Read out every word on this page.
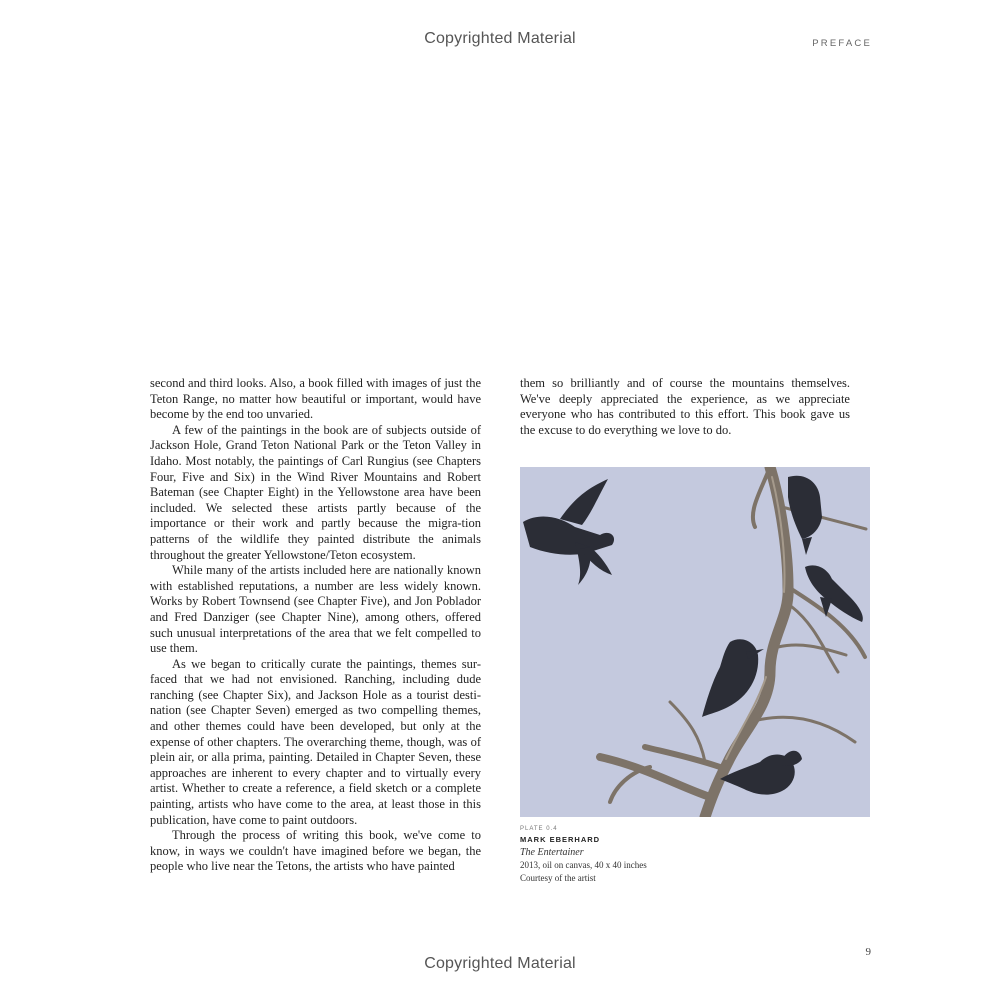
Copyrighted Material	PREFACE

second and third looks. Also, a book filled with images of just the Teton Range, no matter how beautiful or important, would have become by the end too unvaried.

A few of the paintings in the book are of subjects outside of Jackson Hole, Grand Teton National Park or the Teton Valley in Idaho. Most notably, the paintings of Carl Rungius (see Chapters Four, Five and Six) in the Wind River Mountains and Robert Bateman (see Chapter Eight) in the Yellowstone area have been included. We selected these artists partly because of the importance or their work and partly because the migra-tion patterns of the wildlife they painted distribute the animals throughout the greater Yellowstone/Teton ecosystem.

While many of the artists included here are nationally known with established reputations, a number are less widely known. Works by Robert Townsend (see Chapter Five), and Jon Poblador and Fred Danziger (see Chapter Nine), among others, offered such unusual interpretations of the area that we felt compelled to use them.

As we began to critically curate the paintings, themes sur-faced that we had not envisioned. Ranching, including dude ranching (see Chapter Six), and Jackson Hole as a tourist desti-nation (see Chapter Seven) emerged as two compelling themes, and other themes could have been developed, but only at the expense of other chapters. The overarching theme, though, was of plein air, or alla prima, painting. Detailed in Chapter Seven, these approaches are inherent to every chapter and to virtually every artist. Whether to create a reference, a field sketch or a complete painting, artists who have come to the area, at least those in this publication, have come to paint outdoors.

Through the process of writing this book, we've come to know, in ways we couldn't have imagined before we began, the people who live near the Tetons, the artists who have painted

them so brilliantly and of course the mountains themselves. We've deeply appreciated the experience, as we appreciate everyone who has contributed to this effort. This book gave us the excuse to do everything we love to do.

PLATE 0.4
MARK EBERHARD
The Entertainer
2013, oil on canvas, 40 x 40 inches
Courtesy of the artist
9
Copyrighted Material
